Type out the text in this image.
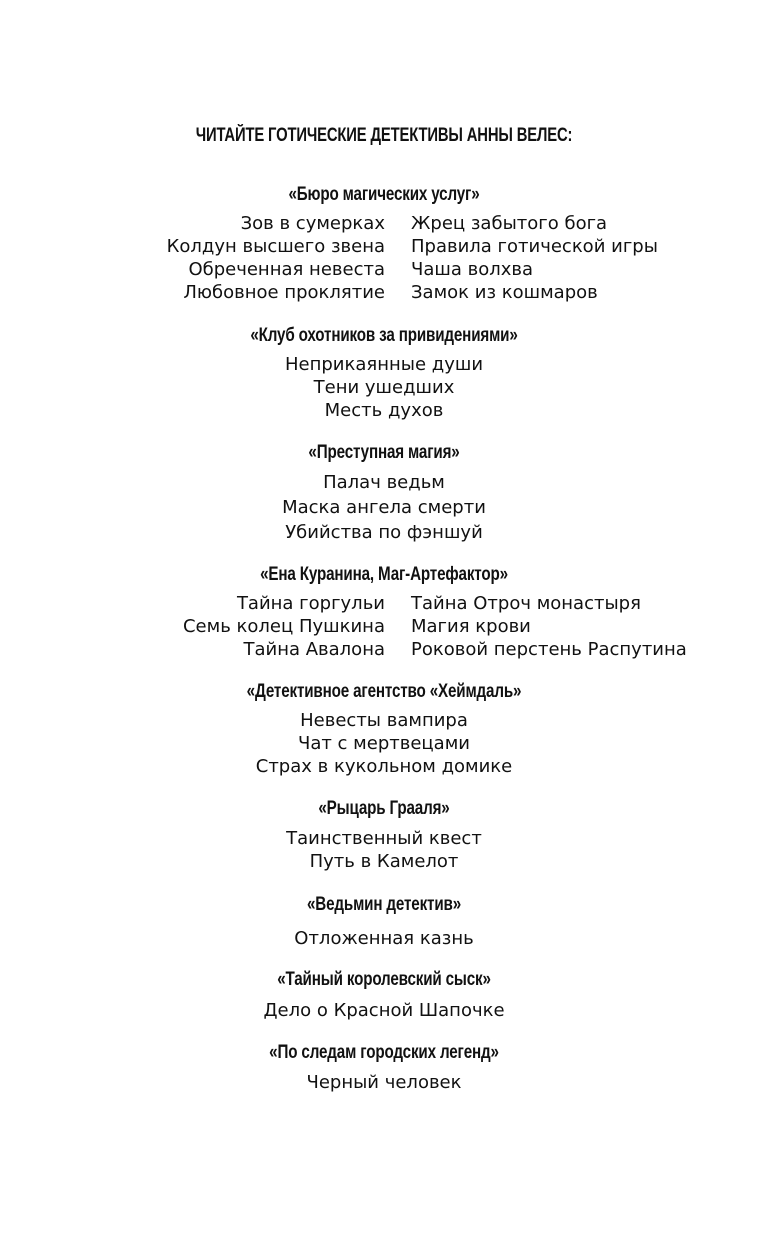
ЧИТАЙТЕ ГОТИЧЕСКИЕ ДЕТЕКТИВЫ АННЫ ВЕЛЕС:
«Бюро магических услуг»
Зов в сумерках
Колдун высшего звена
Обреченная невеста
Любовное проклятие
Жрец забытого бога
Правила готической игры
Чаша волхва
Замок из кошмаров
«Клуб охотников за привидениями»
Неприкаянные души
Тени ушедших
Месть духов
«Преступная магия»
Палач ведьм
Маска ангела смерти
Убийства по фэншуй
«Ена Куранина, Маг-Артефактор»
Тайна горгульи
Семь колец Пушкина
Тайна Авалона
Тайна Отроч монастыря
Магия крови
Роковой перстень Распутина
«Детективное агентство «Хеймдаль»
Невесты вампира
Чат с мертвецами
Страх в кукольном домике
«Рыцарь Грааля»
Таинственный квест
Путь в Камелот
«Ведьмин детектив»
Отложенная казнь
«Тайный королевский сыск»
Дело о Красной Шапочке
«По следам городских легенд»
Черный человек
